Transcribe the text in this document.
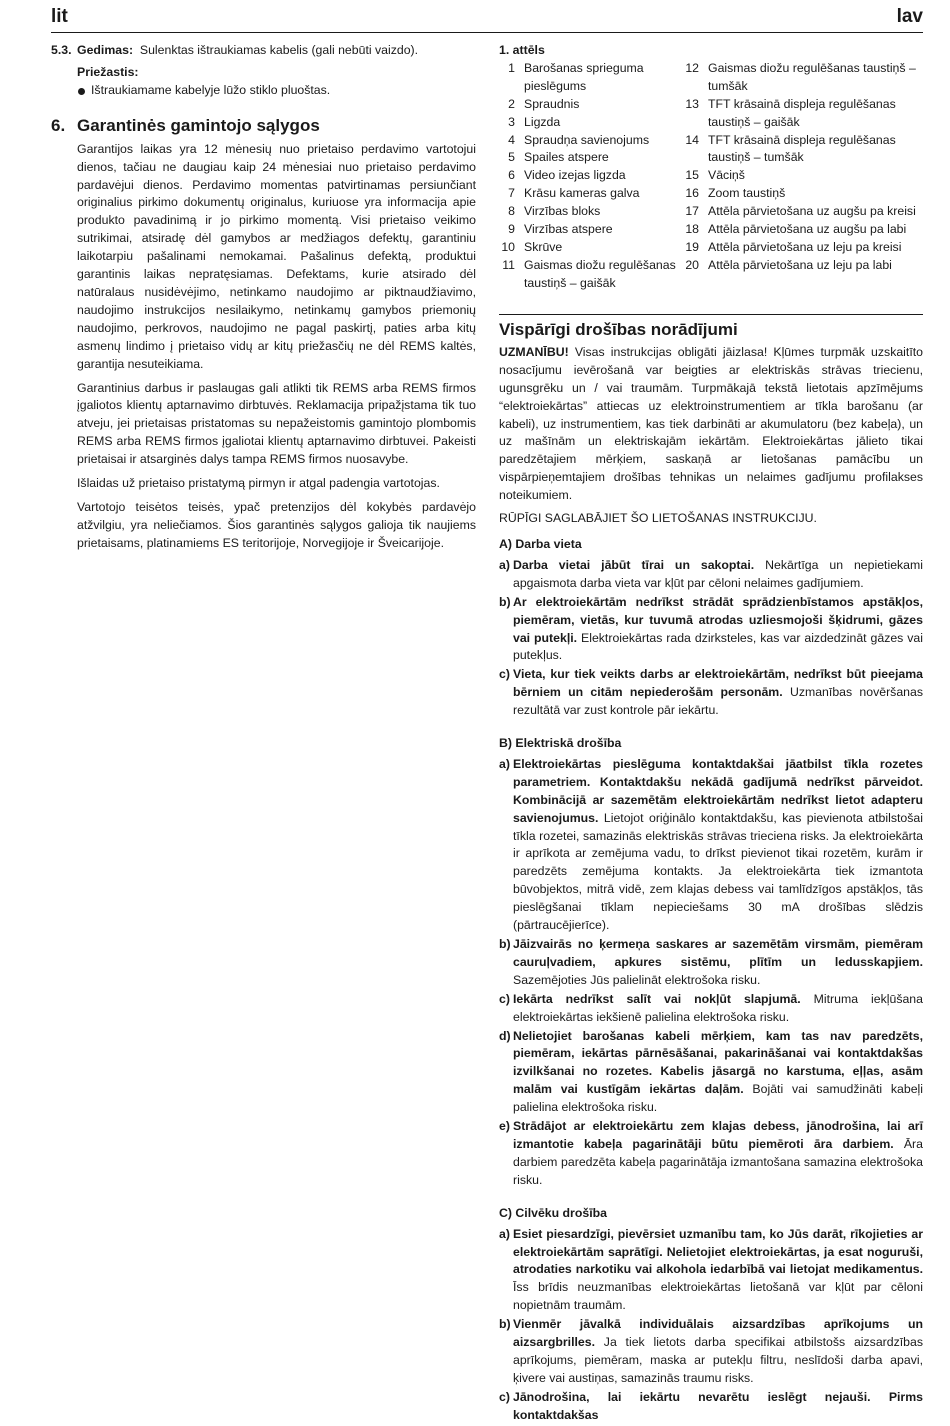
lit	lav
5.3. Gedimas: Sulenktas ištraukiamas kabelis (gali nebūti vaizdo).
Priežastis:
Ištraukiamame kabelyje lūžo stiklo pluoštas.
6. Garantinės gamintojo sąlygos

Garantijos laikas yra 12 mėnesių nuo prietaiso perdavimo vartotojui dienos, tačiau ne daugiau kaip 24 mėnesiai nuo prietaiso perdavimo pardavėjui dienos. Perdavimo momentas patvirtinamas persiunčiant originalius pirkimo dokumentų originalus, kuriuose yra informacija apie produkto pavadinimą ir jo pirkimo momentą. Visi prietaiso veikimo sutrikimai, atsiradę dėl gamybos ar medžiagos defektų, garantiniu laikotarpiu pašalinami nemokamai. Pašalinus defektą, produktui garantinis laikas nepratęsiamas. Defektams, kurie atsirado dėl natūralaus nusidėvėjimo, netinkamo naudojimo ar piktnaudžiavimo, naudojimo instrukcijos nesilaikymo, netinkamų gamybos priemonių naudojimo, perkrovos, naudojimo ne pagal paskirtį, paties arba kitų asmenų lindimo į prietaiso vidų ar kitų priežasčių ne dėl REMS kaltės, garantija nesuteikiama.

Garantinius darbus ir paslaugas gali atlikti tik REMS arba REMS firmos įgaliotos klientų aptarnavimo dirbtuvės. Reklamacija pripažįstama tik tuo atveju, jei prietaisas pristatomas su nepažeistomis gamintojo plombomis REMS arba REMS firmos įgaliotai klientų aptarnavimo dirbtuvei. Pakeisti prietaisai ir atsarginės dalys tampa REMS firmos nuosavybe.

Išlaidas už prietaiso pristatymą pirmyn ir atgal padengia vartotojas.

Vartotojo teisėtos teisės, ypač pretenzijos dėl kokybės pardavėjo atžvilgiu, yra neliečiamos. Šios garantinės sąlygos galioja tik naujiems prietaisams, platinamiems ES teritorijoje, Norvegijoje ir Šveicarijoje.

1. attēls
1 Barošanas sprieguma pieslēgums
2 Spraudnis
3 Ligzda
4 Spraudņa savienojums
5 Spailes atspere
6 Video izejas ligzda
7 Krāsu kameras galva
8 Virzības bloks
9 Virzības atspere
10 Skrūve
11 Gaismas diožu regulēšanas taustiņš – gaišāk
12 Gaismas diožu regulēšanas taustiņš – tumšāk
13 TFT krāsainā displeja regulēšanas taustiņš – gaišāk
14 TFT krāsainā displeja regulēšanas taustiņš – tumšāk
15 Vāciņš
16 Zoom taustiņš
17 Attēla pārvietošana uz augšu pa kreisi
18 Attēla pārvietošana uz augšu pa labi
19 Attēla pārvietošana uz leju pa kreisi
20 Attēla pārvietošana uz leju pa labi
Vispārīgi drošības norādījumi

UZMANĪBU! Visas instrukcijas obligāti jāizlasa! Kļūmes turpmāk uzskaitīto nosacījumu ievērošanā var beigties ar elektriskās strāvas triecienu, ugunsgrēku un / vai traumām. Turpmākajā tekstā lietotais apzīmējums “elektroiekārtas” attiecas uz elektroinstrumentiem ar tīkla barošanu (ar kabeli), uz instrumentiem, kas tiek darbināti ar akumulatoru (bez kabeļa), un uz mašīnām un elektriskajām iekārtām. Elektroiekārtas jālieto tikai paredzētajiem mērķiem, saskaņā ar lietošanas pamācību un vispārpieņemtajiem drošības tehnikas un nelaimes gadījumu profilakses noteikumiem.

RŪPĪGI SAGLABĀJIET ŠO LIETOŠANAS INSTRUKCIJU.

A) Darba vieta
a) Darba vietai jābūt tīrai un sakoptai. Nekārtīga un nepietiekami apgaismota darba vieta var kļūt par cēloni nelaimes gadījumiem.
b) Ar elektroiekārtām nedrīkst strādāt sprādzienbīstamos apstākļos, piemēram, vietās, kur tuvumā atrodas uzliesmojoši šķidrumi, gāzes vai putekļi. Elektroiekārtas rada dzirksteles, kas var aizdedzināt gāzes vai putekļus.
c) Vieta, kur tiek veikts darbs ar elektroiekārtām, nedrīkst būt pieejama bērniem un citām nepiederošām personām. Uzmanības novēršanas rezultātā var zust kontrole pār iekārtu.
B) Elektriskā drošība
a) Elektroiekārtas pieslēguma kontaktdakšai jāatbilst tīkla rozetes parametriem. Kontaktdakšu nekādā gadījumā nedrīkst pārveidot. Kombinācijā ar sazemētām elektroiekārtām nedrīkst lietot adapteru savienojumus. Lietojot oriģinālo kontaktdakšu, kas pievienota atbilstošai tīkla rozetei, samazinās elektriskās strāvas trieciena risks. Ja elektroiekārta ir aprīkota ar zemējuma vadu, to drīkst pievienot tikai rozetēm, kurām ir paredzēts zemējuma kontakts. Ja elektroiekārta tiek izmantota būvobjektos, mitrā vidē, zem klajas debess vai tamlīdzīgos apstākļos, tās pieslēgšanai tīklam nepieciešams 30 mA drošības slēdzis (pārtraucējierīce).
b) Jāizvairās no ķermeņa saskares ar sazemētām virsmām, piemēram cauruļvadiem, apkures sistēmu, plītīm un ledusskapjiem. Sazemējoties Jūs palielināt elektrošoka risku.
c) Iekārta nedrīkst salīt vai nokļūt slapjumā. Mitruma iekļūšana elektroiekārtas iekšienē palielina elektrošoka risku.
d) Nelietojiet barošanas kabeli mērķiem, kam tas nav paredzēts, piemēram, iekārtas pārnēsāšanai, pakarināšanai vai kontaktdakšas izvilkšanai no rozetes. Kabelis jāsargā no karstuma, eļļas, asām malām vai kustīgām iekārtas daļām. Bojāti vai samudžināti kabeļi palielina elektrošoka risku.
e) Strādājot ar elektroiekārtu zem klajas debess, jānodrošina, lai arī izmantotie kabeļa pagarinātāji būtu piemēroti āra darbiem. Āra darbiem paredzēta kabeļa pagarinātāja izmantošana samazina elektrošoka risku.
C) Cilvēku drošība
a) Esiet piesardzīgi, pievērsiet uzmanību tam, ko Jūs darāt, rīkojieties ar elektroiekārtām saprātīgi. Nelietojiet elektroiekārtas, ja esat noguruši, atrodaties narkotiku vai alkohola iedarbībā vai lietojat medikamentus. Īss brīdis neuzmanības elektroiekārtas lietošanā var kļūt par cēloni nopietnām traumām.
b) Vienmēr jāvalkā individuālais aizsardzības aprīkojums un aizsargbrilles. Ja tiek lietots darba specifikai atbilstošs aizsardzības aprīkojums, piemēram, maska ar putekļu filtru, neslīdoši darba apavi, ķivere vai austiņas, samazinās traumu risks.
c) Jānodrošina, lai iekārtu nevarētu ieslēgt nejauši. Pirms kontaktdakšas
